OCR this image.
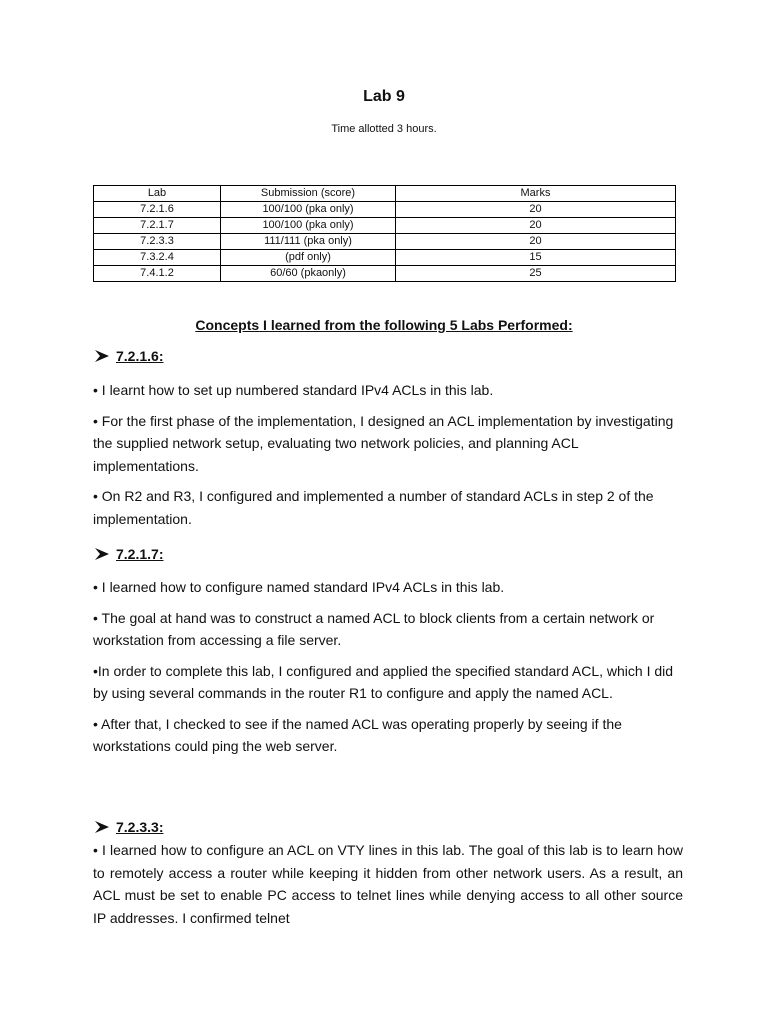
Lab 9
Time allotted 3 hours.
Lab	Submission (score)	Marks
7.2.1.6	100/100 (pka only)	20
7.2.1.7	100/100 (pka only)	20
7.2.3.3	111/111 (pka only)	20
7.3.2.4	(pdf only)	15
7.4.1.2	60/60 (pkaonly)	25
Concepts I learned from the following 5 Labs Performed:
7.2.1.6:

• I learnt how to set up numbered standard IPv4 ACLs in this lab.

• For the first phase of the implementation, I designed an ACL implementation by investigating the supplied network setup, evaluating two network policies, and planning ACL implementations.

• On R2 and R3, I configured and implemented a number of standard ACLs in step 2 of the implementation.

7.2.1.7:

• I learned how to configure named standard IPv4 ACLs in this lab.

• The goal at hand was to construct a named ACL to block clients from a certain network or workstation from accessing a file server.

•In order to complete this lab, I configured and applied the specified standard ACL, which I did by using several commands in the router R1 to configure and apply the named ACL.

• After that, I checked to see if the named ACL was operating properly by seeing if the workstations could ping the web server.

7.2.3.3:

• I learned how to configure an ACL on VTY lines in this lab. The goal of this lab is to learn how to remotely access a router while keeping it hidden from other network users. As a result, an ACL must be set to enable PC access to telnet lines while denying access to all other source IP addresses. I confirmed telnet
